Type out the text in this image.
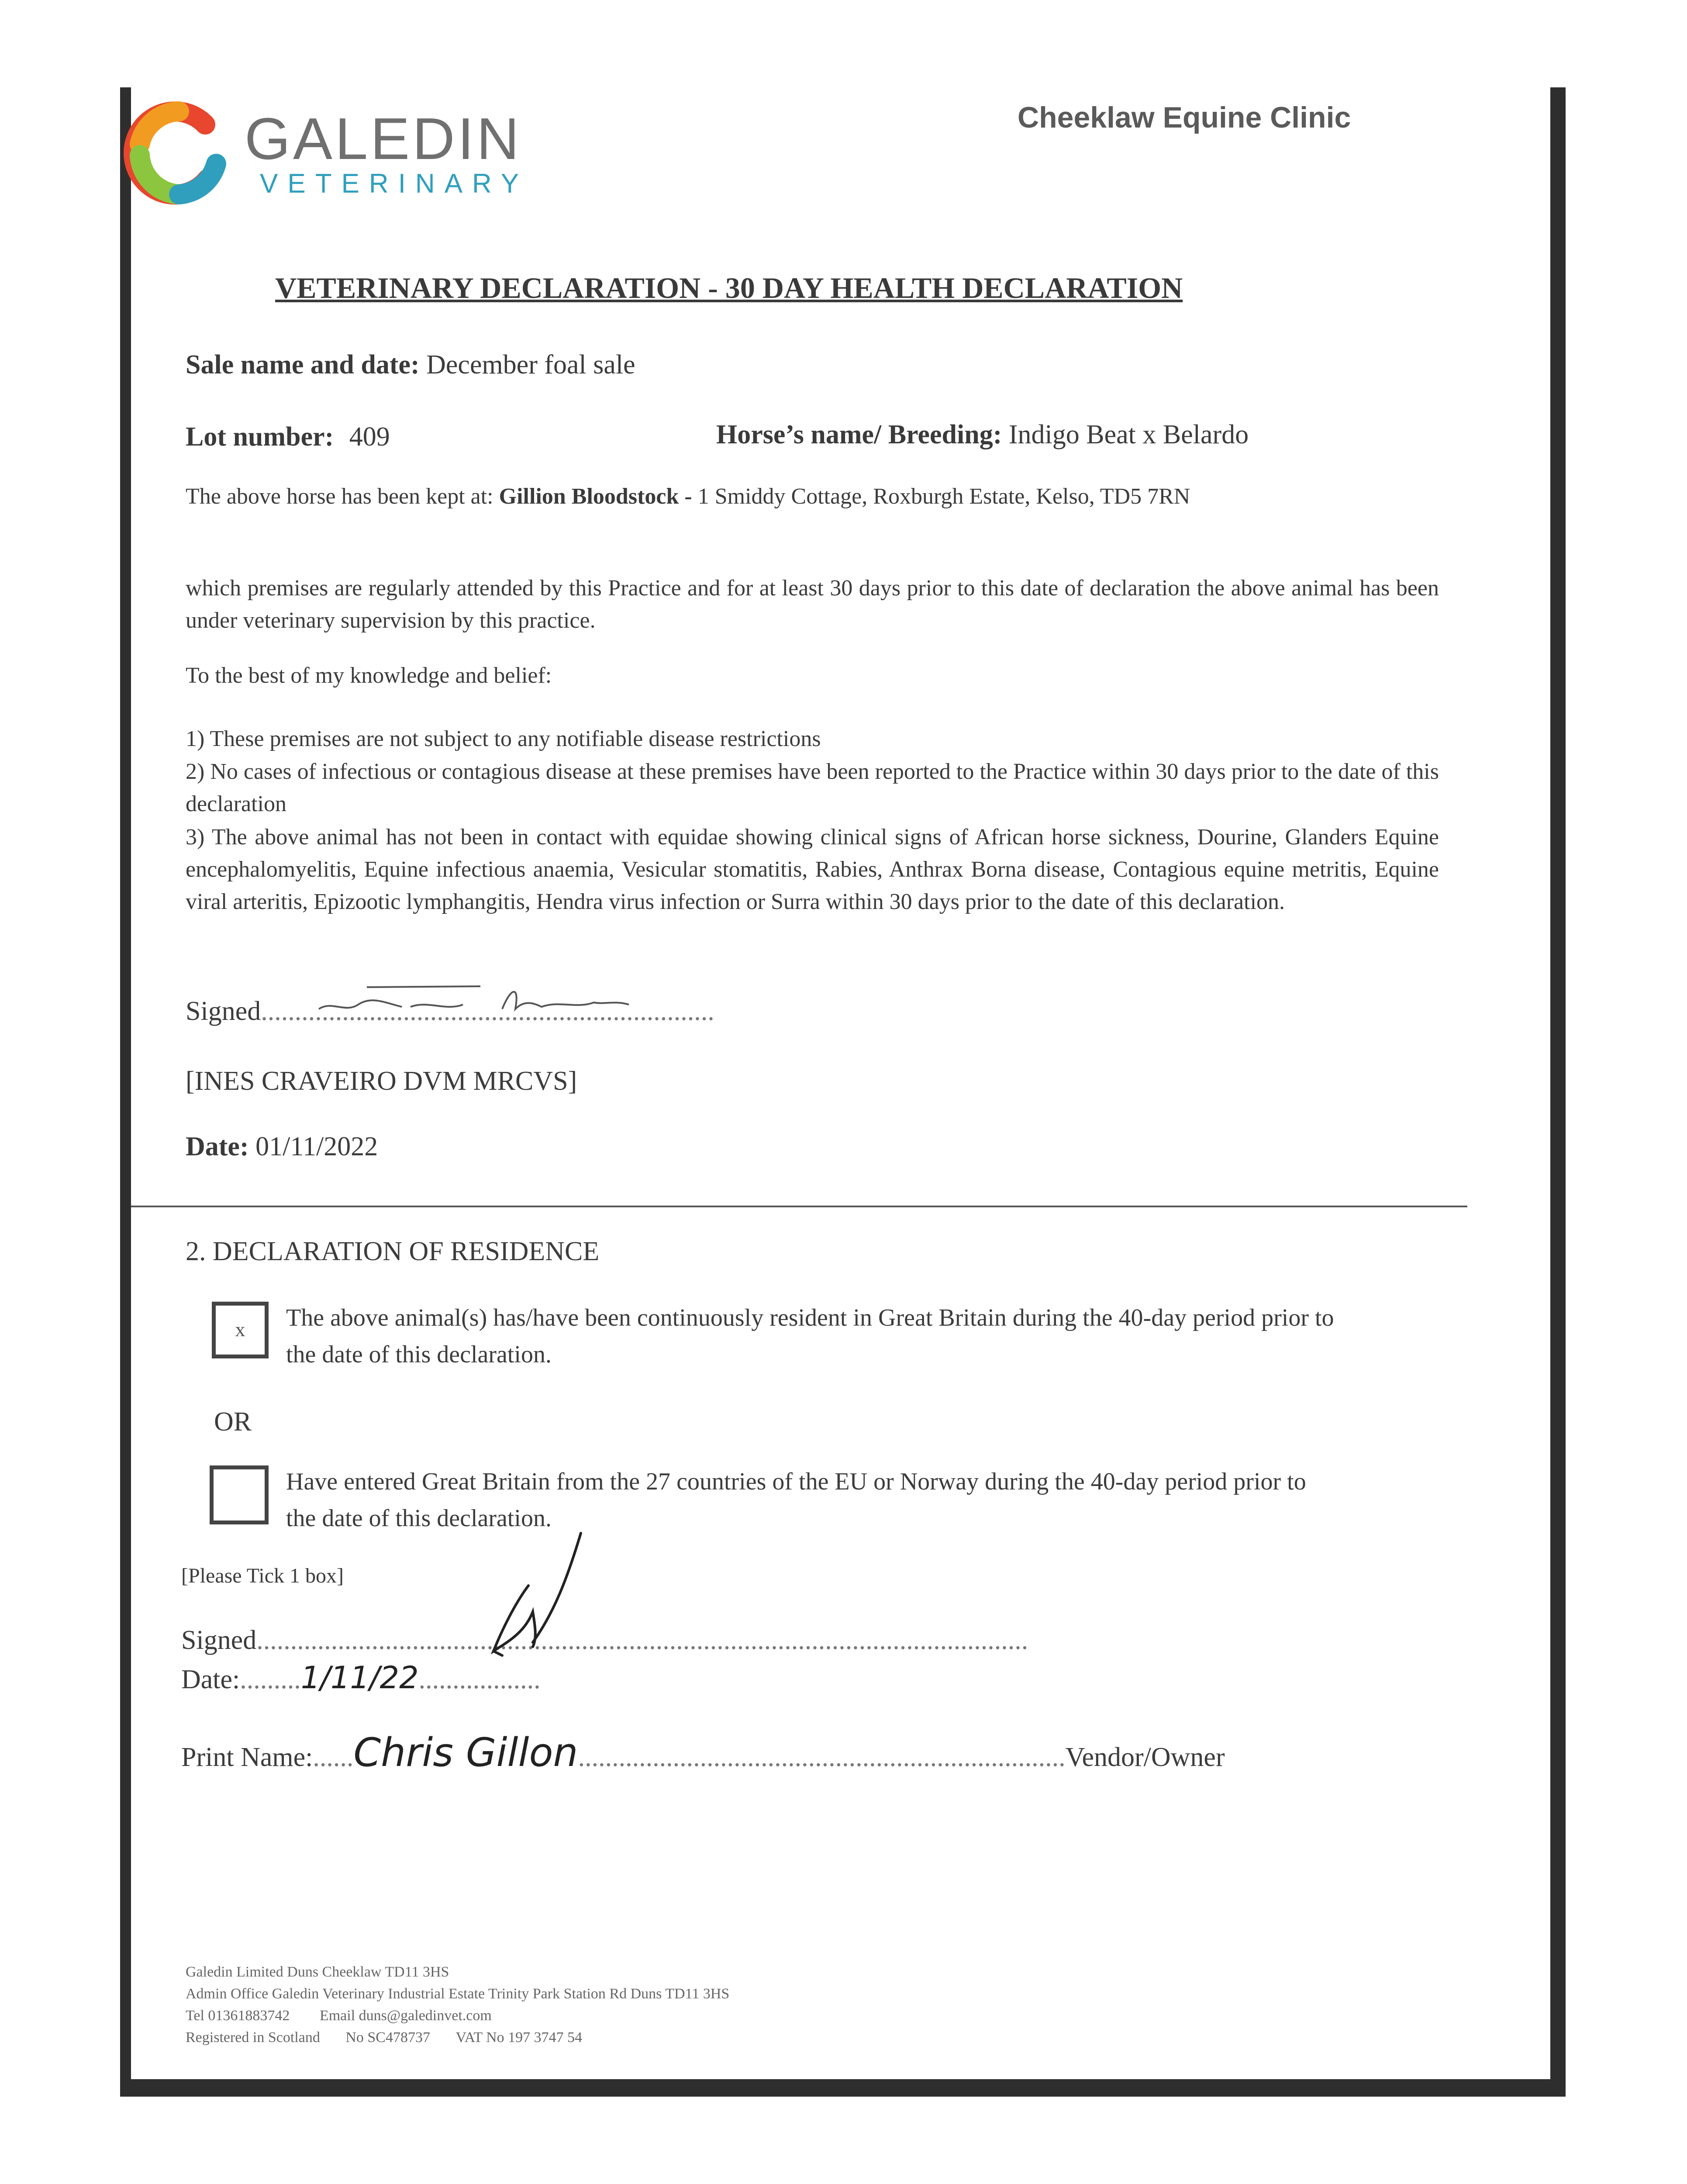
GALEDIN
VETERINARY
Cheeklaw Equine Clinic
VETERINARY DECLARATION - 30 DAY HEALTH DECLARATION
Sale name and date: December foal sale
Lot number: 409	Horse’s name/ Breeding: Indigo Beat x Belardo
The above horse has been kept at: Gillion Bloodstock - 1 Smiddy Cottage, Roxburgh Estate, Kelso, TD5 7RN
which premises are regularly attended by this Practice and for at least 30 days prior to this date of declaration the above animal has been under veterinary supervision by this practice.
To the best of my knowledge and belief:
1) These premises are not subject to any notifiable disease restrictions
2) No cases of infectious or contagious disease at these premises have been reported to the Practice within 30 days prior to the date of this declaration
3) The above animal has not been in contact with equidae showing clinical signs of African horse sickness, Dourine, Glanders Equine encephalomyelitis, Equine infectious anaemia, Vesicular stomatitis, Rabies, Anthrax Borna disease, Contagious equine metritis, Equine viral arteritis, Epizootic lymphangitis, Hendra virus infection or Surra within 30 days prior to the date of this declaration.
Signed...................................................................
[INES CRAVEIRO DVM MRCVS]
Date: 01/11/2022
2. DECLARATION OF RESIDENCE
x	The above animal(s) has/have been continuously resident in Great Britain during the 40-day period prior to the date of this declaration.
OR
Have entered Great Britain from the 27 countries of the EU or Norway during the 40-day period prior to the date of this declaration.
[Please Tick 1 box]
Signed..................................................................................................................
Date:.........1/11/22..................
Print Name:......Chris Gillon........................................................................Vendor/Owner
Galedin Limited Duns Cheeklaw TD11 3HS
Admin Office Galedin Veterinary Industrial Estate Trinity Park Station Rd Duns TD11 3HS
Tel 01361883742 Email duns@galedinvet.com
Registered in Scotland No SC478737 VAT No 197 3747 54
